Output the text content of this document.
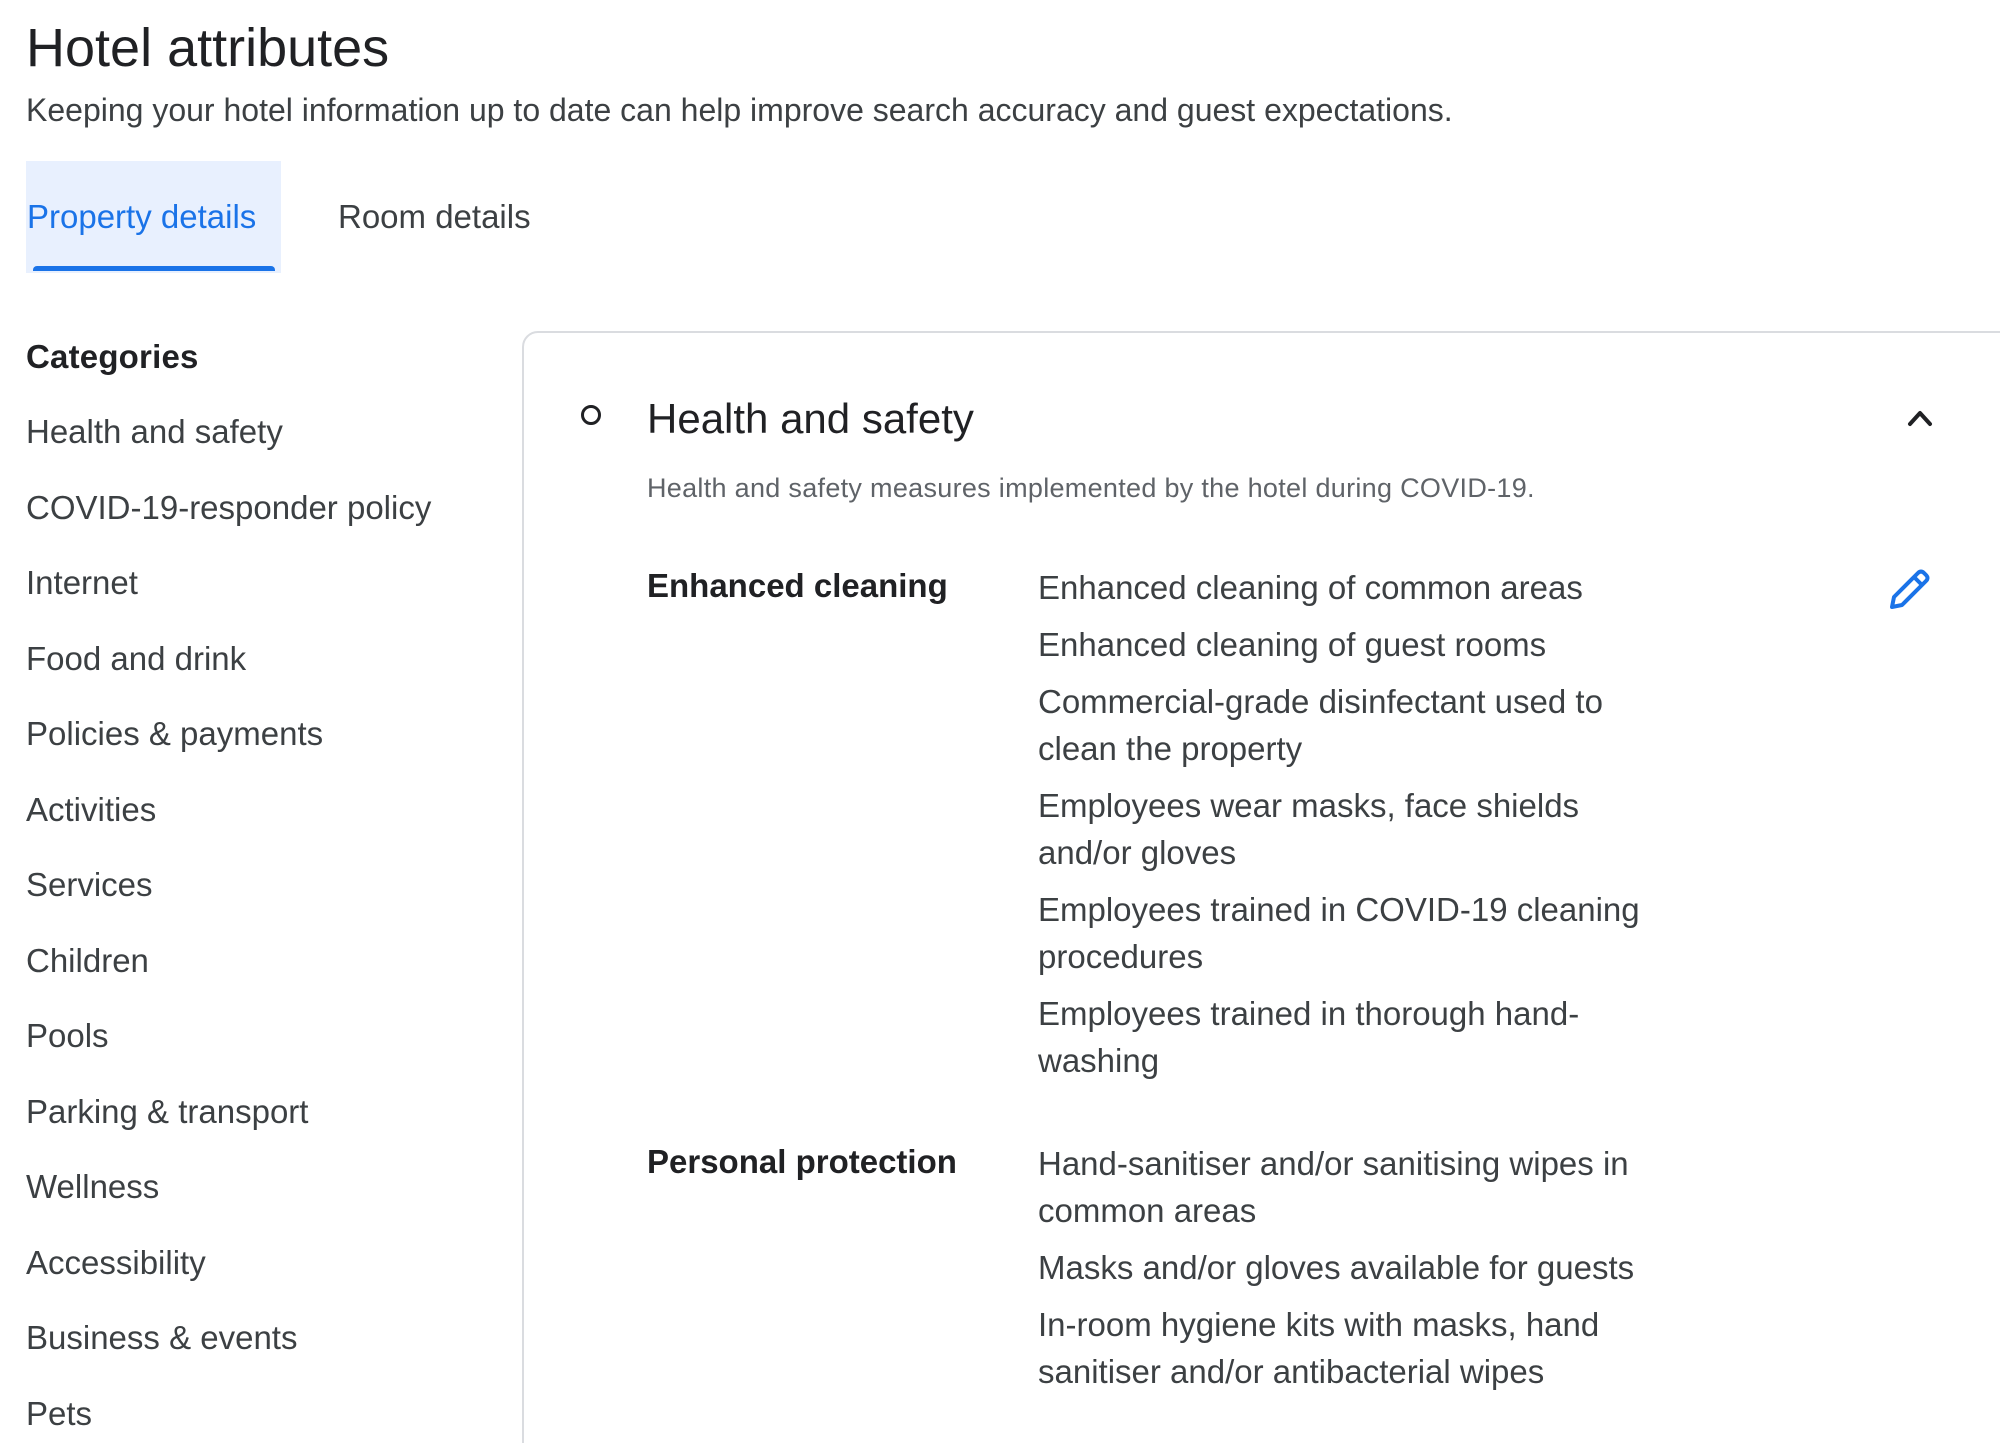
Hotel attributes
Keeping your hotel information up to date can help improve search accuracy and guest expectations.
Property details	Room details
Categories
Health and safety
COVID-19-responder policy
Internet
Food and drink
Policies & payments
Activities
Services
Children
Pools
Parking & transport
Wellness
Accessibility
Business & events
Pets
Health and safety
Health and safety measures implemented by the hotel during COVID-19.
Enhanced cleaning	Enhanced cleaning of common areas
Enhanced cleaning of guest rooms
Commercial-grade disinfectant used to clean the property
Employees wear masks, face shields and/or gloves
Employees trained in COVID-19 cleaning procedures
Employees trained in thorough hand-washing
Personal protection Hand-sanitiser and/or sanitising wipes in common areas
Masks and/or gloves available for guests
In-room hygiene kits with masks, hand sanitiser and/or antibacterial wipes
